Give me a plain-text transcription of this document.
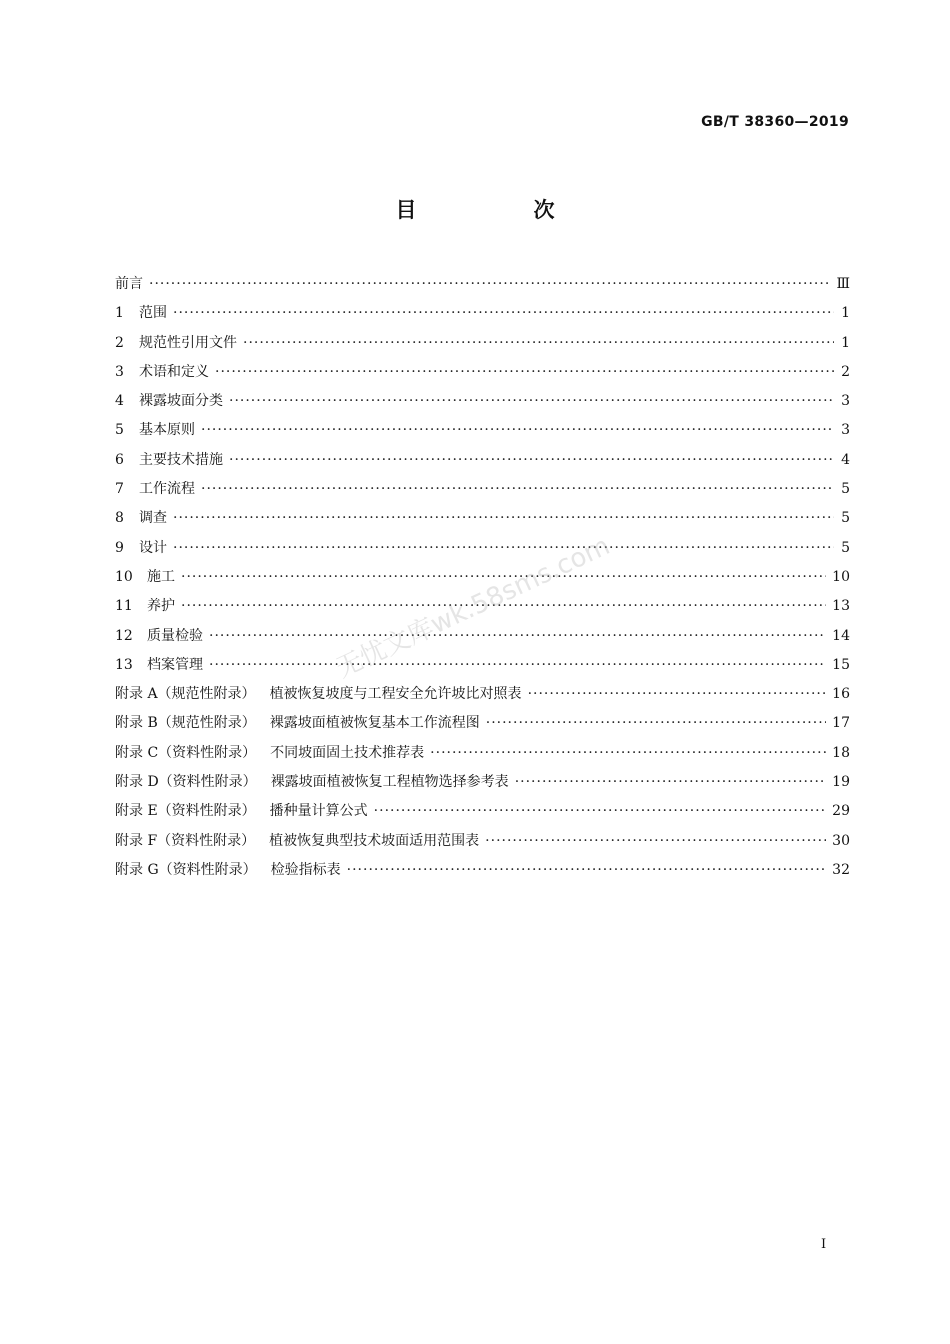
GB/T 38360—2019
目　次
前言 ·····	Ⅲ
1 范围 ·····	1
2 规范性引用文件 ·····	1
3 术语和定义 ·····	2
4 裸露坡面分类 ·····	3
5 基本原则 ·····	3
6 主要技术措施 ·····	4
7 工作流程 ·····	5
8 调查 ·····	5
9 设计 ·····	5
10 施工 ·····	10
11 养护 ·····	13
12 质量检验 ·····	14
13 档案管理 ·····	15
附录 A（规范性附录） 植被恢复坡度与工程安全允许坡比对照表 ·····	16
附录 B（规范性附录） 裸露坡面植被恢复基本工作流程图 ·····	17
附录 C（资料性附录） 不同坡面固土技术推荐表 ·····	18
附录 D（资料性附录） 裸露坡面植被恢复工程植物选择参考表 ·····	19
附录 E（资料性附录） 播种量计算公式 ·····	29
附录 F（资料性附录） 植被恢复典型技术坡面适用范围表 ·····	30
附录 G（资料性附录） 检验指标表 ·····	32
无忧文库wk.58sms.com
I
